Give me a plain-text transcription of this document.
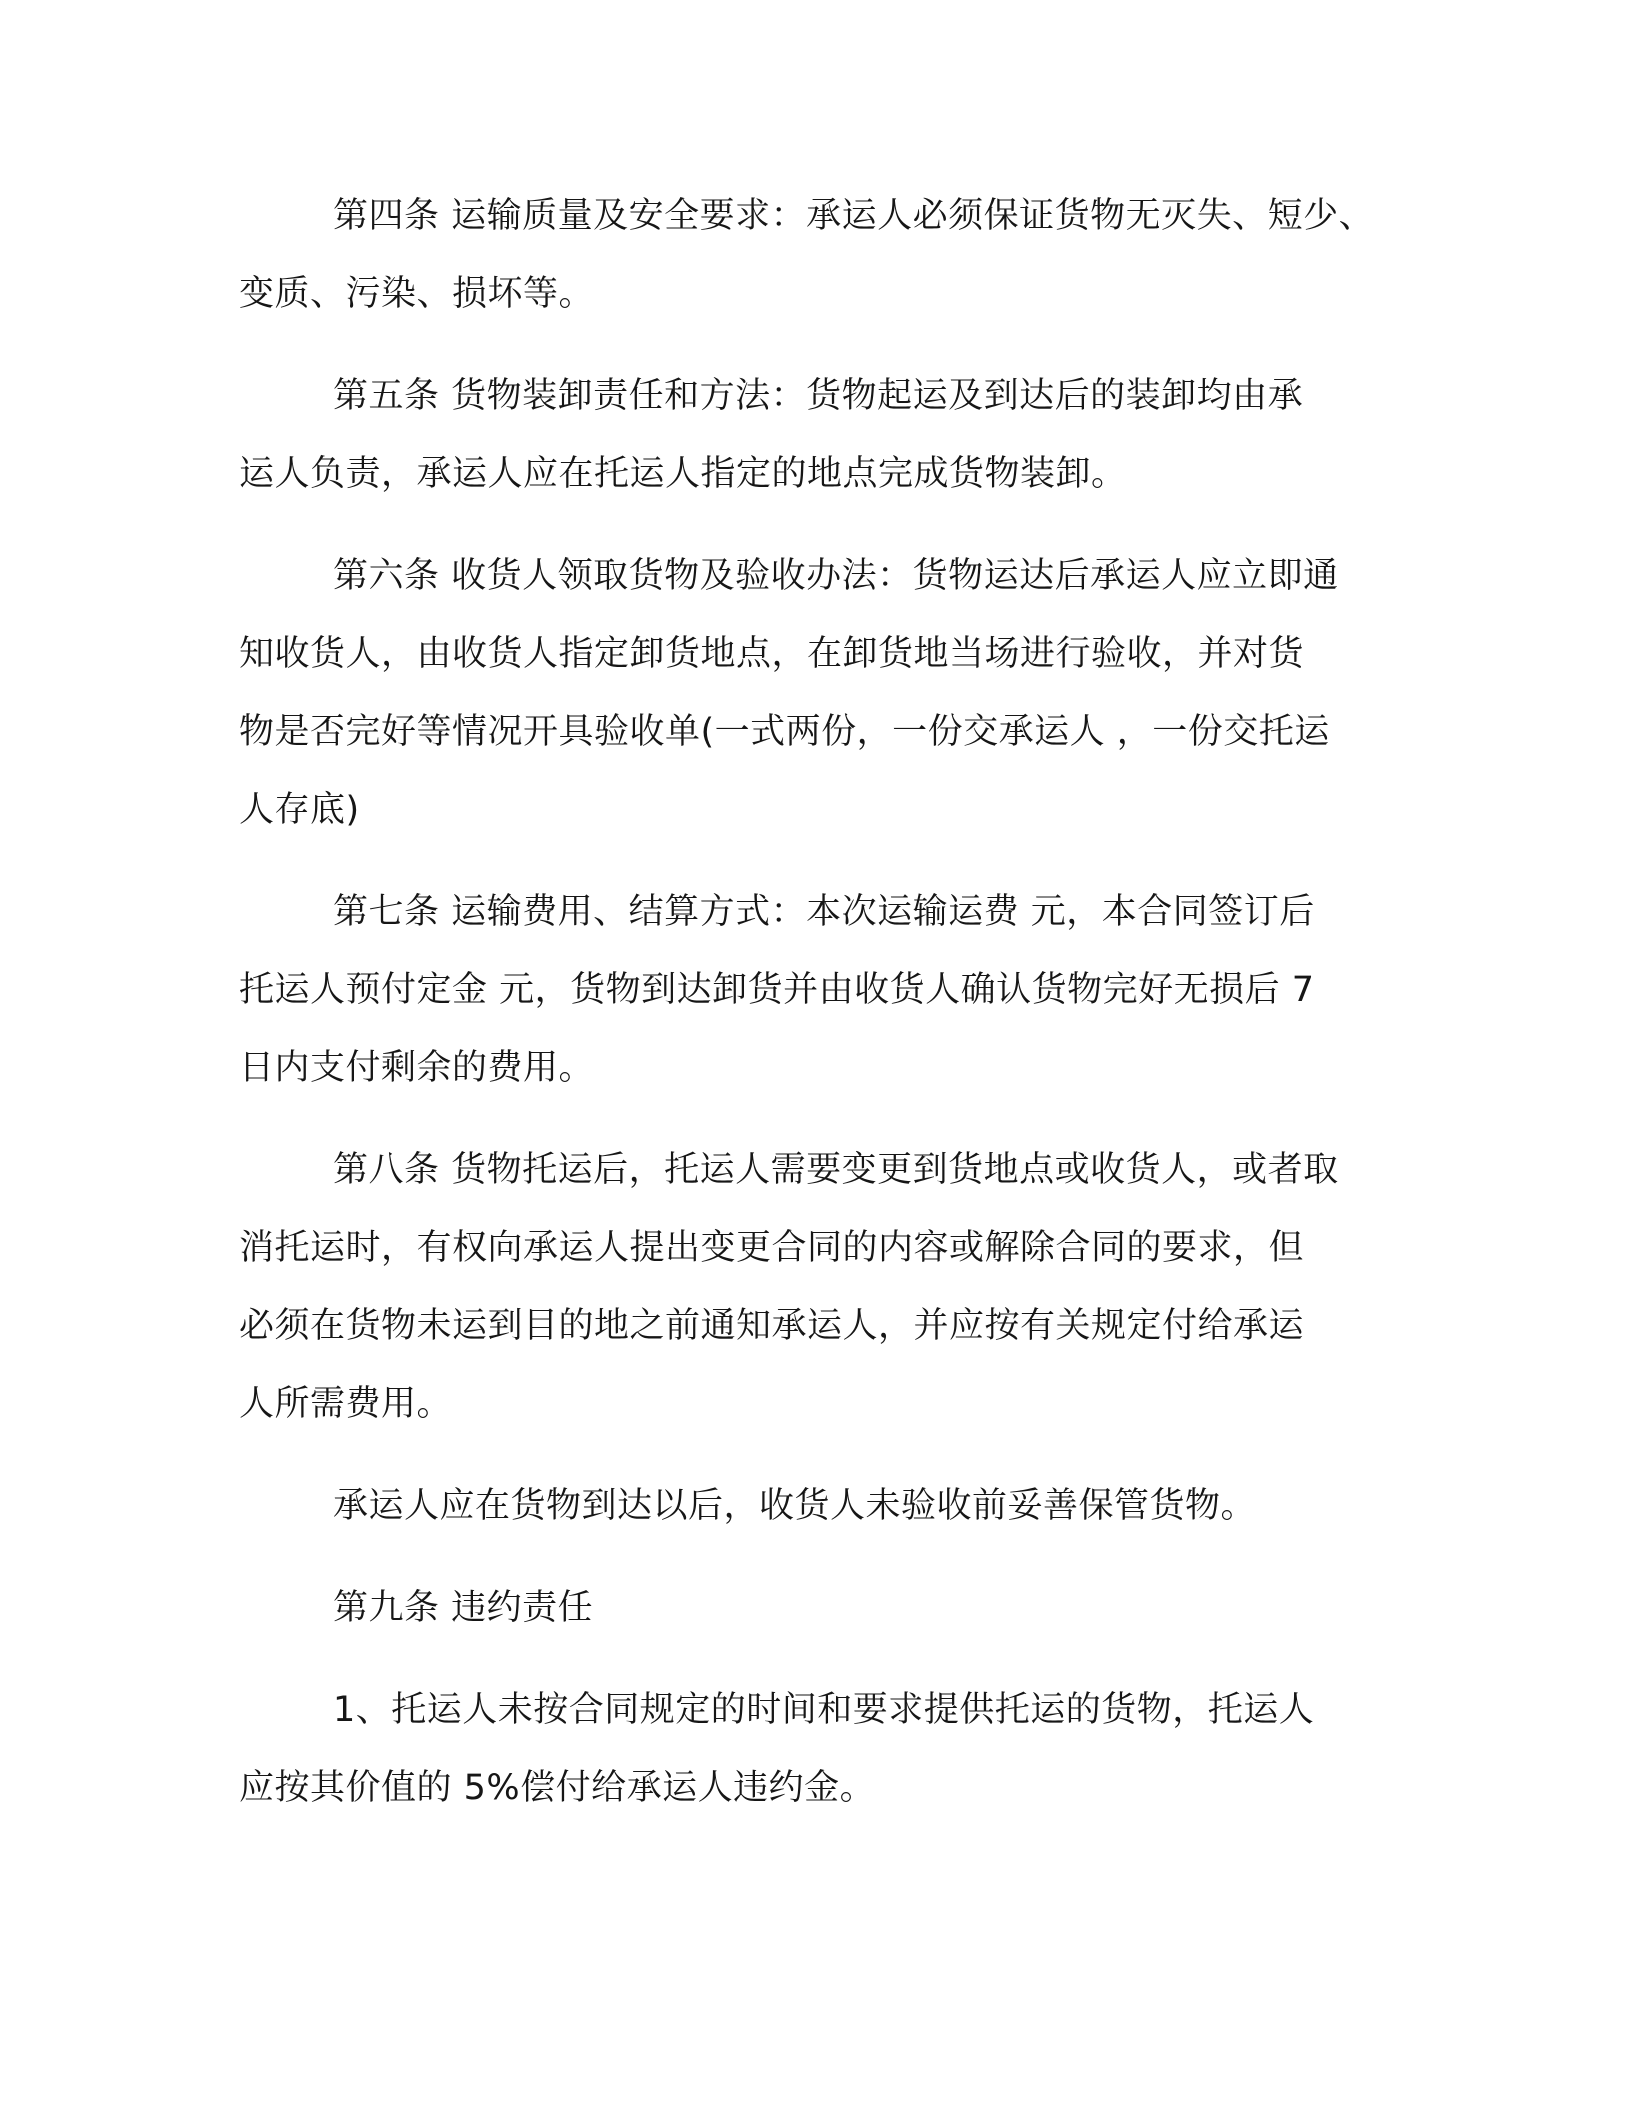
第四条 运输质量及安全要求：承运人必须保证货物无灭失、短少、

变质、污染、损坏等。

第五条 货物装卸责任和方法：货物起运及到达后的装卸均由承

运人负责，承运人应在托运人指定的地点完成货物装卸。

第六条 收货人领取货物及验收办法：货物运达后承运人应立即通

知收货人，由收货人指定卸货地点，在卸货地当场进行验收，并对货

物是否完好等情况开具验收单(一式两份，一份交承运人 ，一份交托运

人存底)

第七条 运输费用、结算方式：本次运输运费 元，本合同签订后

托运人预付定金 元，货物到达卸货并由收货人确认货物完好无损后 7

日内支付剩余的费用。

第八条 货物托运后，托运人需要变更到货地点或收货人，或者取

消托运时，有权向承运人提出变更合同的内容或解除合同的要求，但

必须在货物未运到目的地之前通知承运人，并应按有关规定付给承运

人所需费用。

承运人应在货物到达以后，收货人未验收前妥善保管货物。

第九条 违约责任

1、托运人未按合同规定的时间和要求提供托运的货物，托运人

应按其价值的 5%偿付给承运人违约金。
